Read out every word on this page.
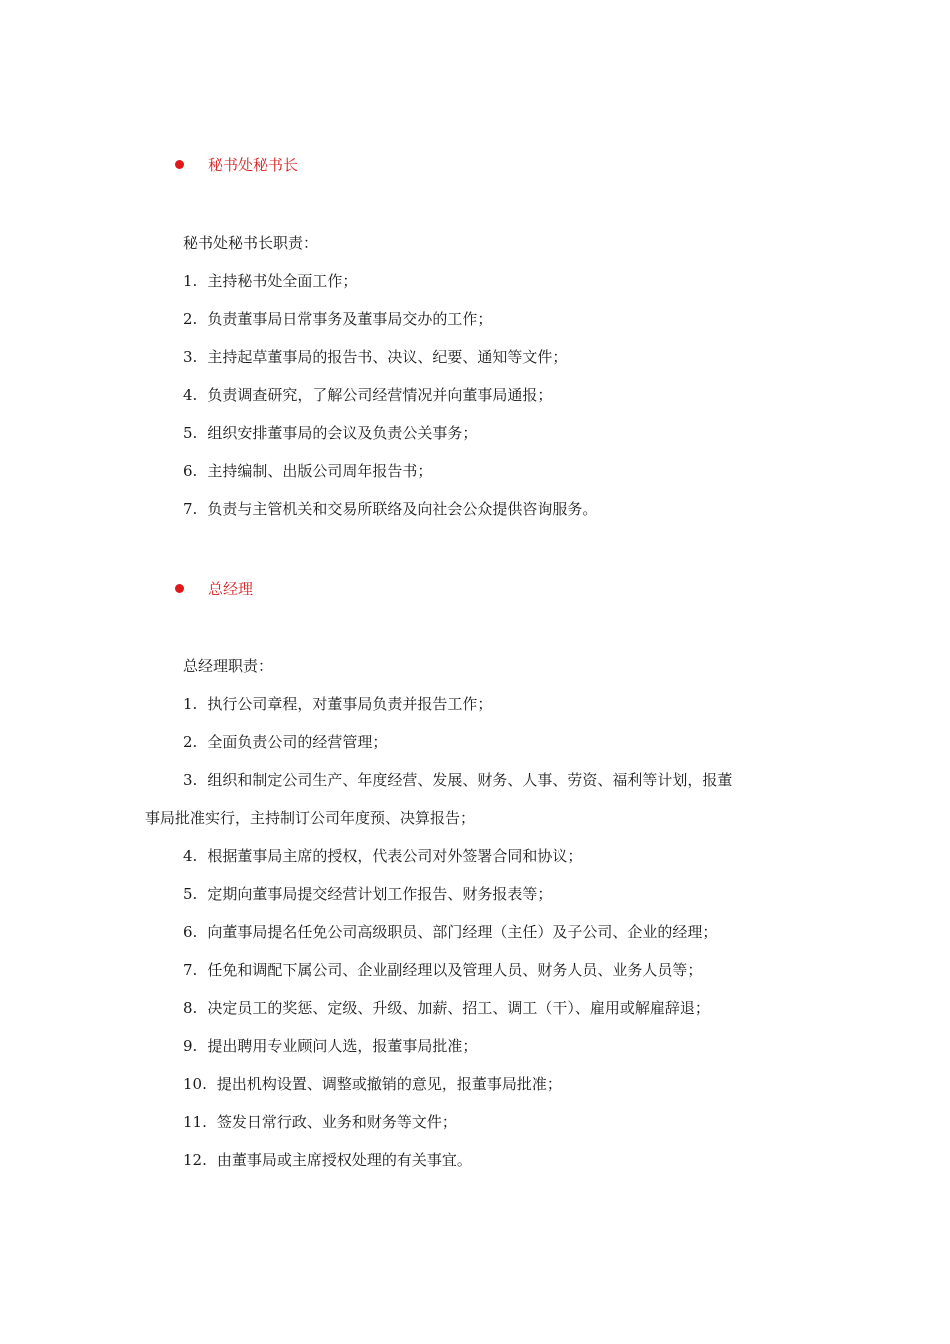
秘书处秘书长
秘书处秘书长职责：
1. 主持秘书处全面工作；
2. 负责董事局日常事务及董事局交办的工作；
3. 主持起草董事局的报告书、决议、纪要、通知等文件；
4. 负责调查研究，了解公司经营情况并向董事局通报；
5. 组织安排董事局的会议及负责公关事务；
6. 主持编制、出版公司周年报告书；
7. 负责与主管机关和交易所联络及向社会公众提供咨询服务。
总经理
总经理职责：
1. 执行公司章程，对董事局负责并报告工作；
2. 全面负责公司的经营管理；
3. 组织和制定公司生产、年度经营、发展、财务、人事、劳资、福利等计划，报董
事局批准实行，主持制订公司年度预、决算报告；
4. 根据董事局主席的授权，代表公司对外签署合同和协议；
5. 定期向董事局提交经营计划工作报告、财务报表等；
6. 向董事局提名任免公司高级职员、部门经理（主任）及子公司、企业的经理；
7. 任免和调配下属公司、企业副经理以及管理人员、财务人员、业务人员等；
8. 决定员工的奖惩、定级、升级、加薪、招工、调工（干）、雇用或解雇辞退；
9. 提出聘用专业顾问人选，报董事局批准；
10. 提出机构设置、调整或撤销的意见，报董事局批准；
11. 签发日常行政、业务和财务等文件；
12. 由董事局或主席授权处理的有关事宜。
